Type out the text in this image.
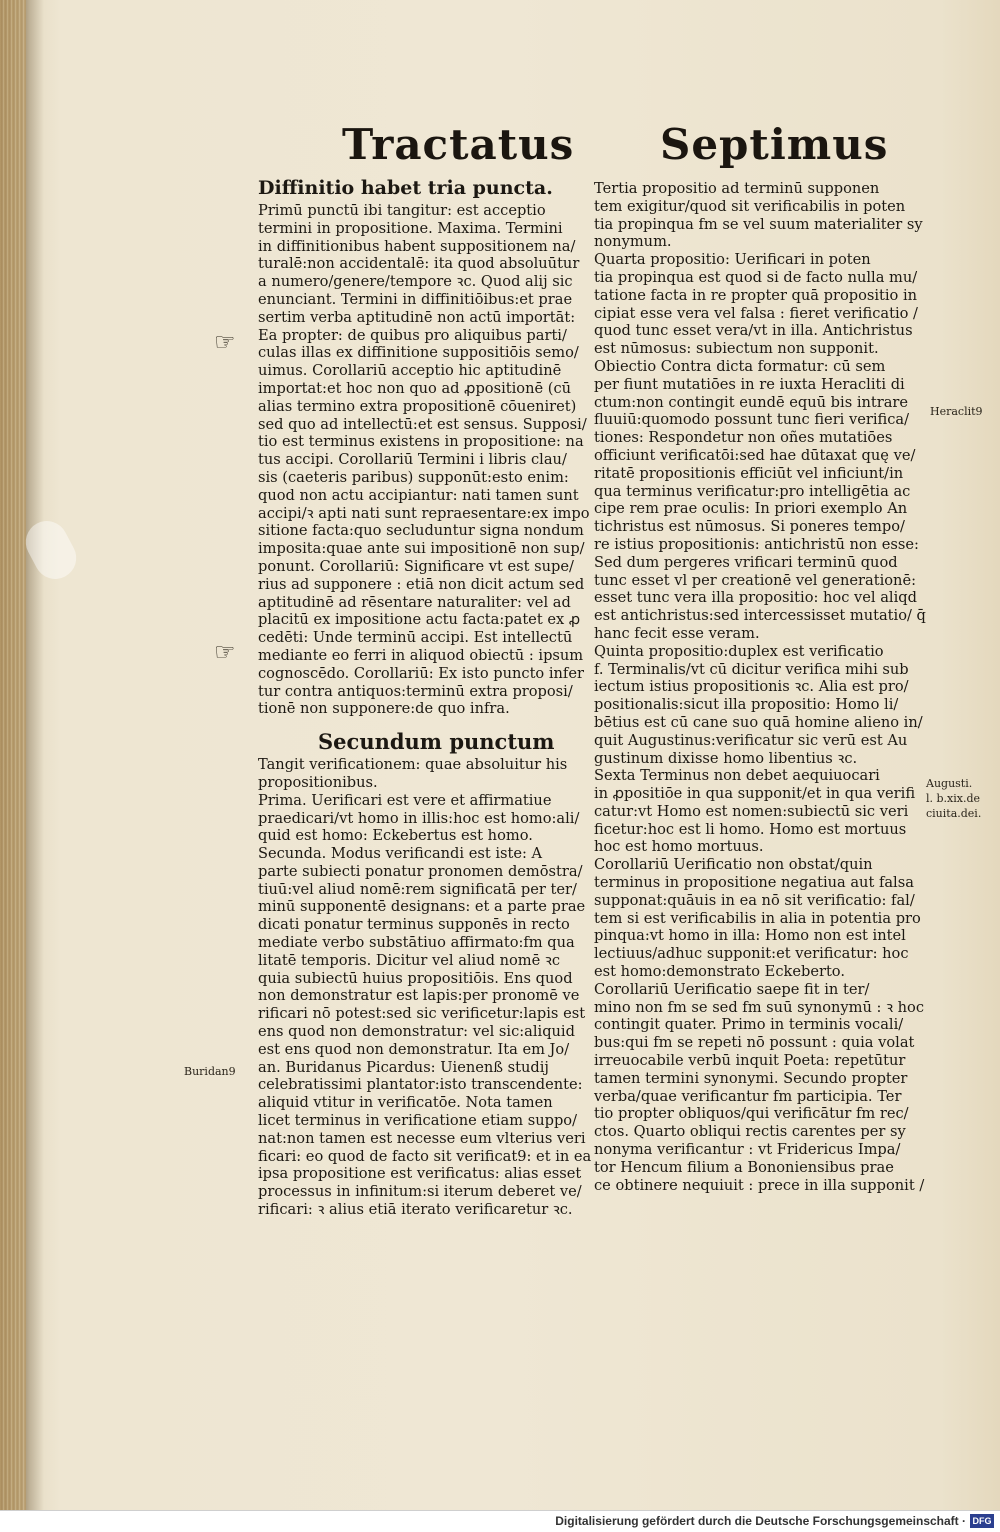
Tractatus Septimus

Diffinitio habet tria puncta.

Primū punctū ibi tangitur: est acceptio

termini in propositione. Maxima. Termini

in diffinitionibus habent suppositionem na/

turalē:non accidentalē: ita quod absoluūtur

a numero/genere/tempore ꝛc. Quod alij sic

enunciant. Termini in diffinitiōibus:et prae

sertim verba aptitudinē non actū importāt:

Ea propter: de quibus pro aliquibus parti/

culas illas ex diffinitione suppositiōis semo/

uimus. Corollariū acceptio hic aptitudinē

importat:et hoc non quo ad ꝓpositionē (cū

alias termino extra propositionē cōueniret)

sed quo ad intellectū:et est sensus. Supposi/

tio est terminus existens in propositione: na

tus accipi. Corollariū Termini i libris clau/

sis (caeteris paribus) supponūt:esto enim:

quod non actu accipiantur: nati tamen sunt

accipi/ꝛ apti nati sunt repraesentare:ex impo

sitione facta:quo secluduntur signa nondum

imposita:quae ante sui impositionē non sup/

ponunt. Corollariū: Significare vt est supe/

rius ad supponere : etiā non dicit actum sed

aptitudinē ad rēsentare naturaliter: vel ad

placitū ex impositione actu facta:patet ex ꝓ

cedēti: Unde terminū accipi. Est intellectū

mediante eo ferri in aliquod obiectū : ipsum

cognoscēdo. Corollariū: Ex isto puncto infer

tur contra antiquos:terminū extra proposi/

tionē non supponere:de quo infra.

Secundum punctum

Tangit verificationem: quae absoluitur his

propositionibus.

Prima. Uerificari est vere et affirmatiue

praedicari/vt homo in illis:hoc est homo:ali/

quid est homo: Eckebertus est homo.

Secunda. Modus verificandi est iste: A

parte subiecti ponatur pronomen demōstra/

tiuū:vel aliud nomē:rem significatā per ter/

minū supponentē designans: et a parte prae

dicati ponatur terminus supponēs in recto

mediate verbo substātiuo affirmato:fm qua

litatē temporis. Dicitur vel aliud nomē ꝛc

quia subiectū huius propositiōis. Ens quod

non demonstratur est lapis:per pronomē ve

rificari nō potest:sed sic verificetur:lapis est

ens quod non demonstratur: vel sic:aliquid

est ens quod non demonstratur. Ita em Jo/

an. Buridanus Picardus: Uienenß studij

celebratissimi plantator:isto transcendente:

aliquid vtitur in verificatōe. Nota tamen

licet terminus in verificatione etiam suppo/

nat:non tamen est necesse eum vlterius veri

ficari: eo quod de facto sit verificat9: et in ea

ipsa propositione est verificatus: alias esset

processus in infinitum:si iterum deberet ve/

rificari: ꝛ alius etiā iterato verificaretur ꝛc.

Tertia propositio ad terminū supponen

tem exigitur/quod sit verificabilis in poten

tia propinqua fm se vel suum materialiter sy

nonymum.

Quarta propositio: Uerificari in poten

tia propinqua est quod si de facto nulla mu/

tatione facta in re propter quā propositio in

cipiat esse vera vel falsa : fieret verificatio /

quod tunc esset vera/vt in illa. Antichristus

est nūmosus: subiectum non supponit.

Obiectio Contra dicta formatur: cū sem

per fiunt mutatiōes in re iuxta Heracliti di

ctum:non contingit eundē equū bis intrare

fluuiū:quomodo possunt tunc fieri verifica/

tiones: Respondetur non oñes mutatiōes

officiunt verificatōi:sed hae dūtaxat quę ve/

ritatē propositionis efficiūt vel inficiunt/in

qua terminus verificatur:pro intelligētia ac

cipe rem prae oculis: In priori exemplo An

tichristus est nūmosus. Si poneres tempo/

re istius propositionis: antichristū non esse:

Sed dum pergeres vrificari terminū quod

tunc esset vl per creationē vel generationē:

esset tunc vera illa propositio: hoc vel aliqd

est antichristus:sed intercessisset mutatio/ q̄

hanc fecit esse veram.

Quinta propositio:duplex est verificatio

f. Terminalis/vt cū dicitur verifica mihi sub

iectum istius propositionis ꝛc. Alia est pro/

positionalis:sicut illa propositio: Homo li/

bētius est cū cane suo quā homine alieno in/

quit Augustinus:verificatur sic verū est Au

gustinum dixisse homo libentius ꝛc.

Sexta Terminus non debet aequiuocari

in ꝓpositiōe in qua supponit/et in qua verifi

catur:vt Homo est nomen:subiectū sic veri

ficetur:hoc est li homo. Homo est mortuus

hoc est homo mortuus.

Corollariū Uerificatio non obstat/quin

terminus in propositione negatiua aut falsa

supponat:quāuis in ea nō sit verificatio: fal/

tem si est verificabilis in alia in potentia pro

pinqua:vt homo in illa: Homo non est intel

lectiuus/adhuc supponit:et verificatur: hoc

est homo:demonstrato Eckeberto.

Corollariū Uerificatio saepe fit in ter/

mino non fm se sed fm suū synonymū : ꝛ hoc

contingit quater. Primo in terminis vocali/

bus:qui fm se repeti nō possunt : quia volat

irreuocabile verbū inquit Poeta: repetūtur

tamen termini synonymi. Secundo propter

verba/quae verificantur fm participia. Ter

tio propter obliquos/qui verificātur fm rec/

ctos. Quarto obliqui rectis carentes per sy

nonyma verificantur : vt Fridericus Impa/

tor Hencum filium a Bononiensibus prae

ce obtinere nequiuit : prece in illa supponit /

☞
☞
Heraclit9
Augusti.
l. b.xix.de
ciuita.dei.
Buridan9
Digitalisierung gefördert durch die Deutsche Forschungsgemeinschaft · DFG
